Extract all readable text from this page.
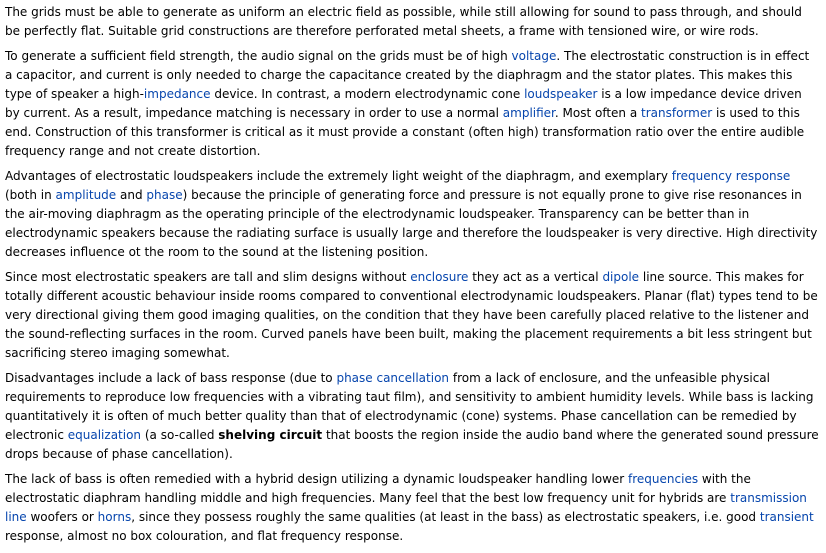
The grids must be able to generate as uniform an electric field as possible, while still allowing for sound to pass through, and should be perfectly flat. Suitable grid constructions are therefore perforated metal sheets, a frame with tensioned wire, or wire rods.

To generate a sufficient field strength, the audio signal on the grids must be of high voltage. The electrostatic construction is in effect a capacitor, and current is only needed to charge the capacitance created by the diaphragm and the stator plates. This makes this type of speaker a high-impedance device. In contrast, a modern electrodynamic cone loudspeaker is a low impedance device driven by current. As a result, impedance matching is necessary in order to use a normal amplifier. Most often a transformer is used to this end. Construction of this transformer is critical as it must provide a constant (often high) transformation ratio over the entire audible frequency range and not create distortion.

Advantages of electrostatic loudspeakers include the extremely light weight of the diaphragm, and exemplary frequency response (both in amplitude and phase) because the principle of generating force and pressure is not equally prone to give rise resonances in the air-moving diaphragm as the operating principle of the electrodynamic loudspeaker. Transparency can be better than in electrodynamic speakers because the radiating surface is usually large and therefore the loudspeaker is very directive. High directivity decreases influence ot the room to the sound at the listening position.

Since most electrostatic speakers are tall and slim designs without enclosure they act as a vertical dipole line source. This makes for totally different acoustic behaviour inside rooms compared to conventional electrodynamic loudspeakers. Planar (flat) types tend to be very directional giving them good imaging qualities, on the condition that they have been carefully placed relative to the listener and the sound-reflecting surfaces in the room. Curved panels have been built, making the placement requirements a bit less stringent but sacrificing stereo imaging somewhat.

Disadvantages include a lack of bass response (due to phase cancellation from a lack of enclosure, and the unfeasible physical requirements to reproduce low frequencies with a vibrating taut film), and sensitivity to ambient humidity levels. While bass is lacking quantitatively it is often of much better quality than that of electrodynamic (cone) systems. Phase cancellation can be remedied by electronic equalization (a so-called shelving circuit that boosts the region inside the audio band where the generated sound pressure drops because of phase cancellation).

The lack of bass is often remedied with a hybrid design utilizing a dynamic loudspeaker handling lower frequencies with the electrostatic diaphram handling middle and high frequencies. Many feel that the best low frequency unit for hybrids are transmission line woofers or horns, since they possess roughly the same qualities (at least in the bass) as electrostatic speakers, i.e. good transient response, almost no box colouration, and flat frequency response.
